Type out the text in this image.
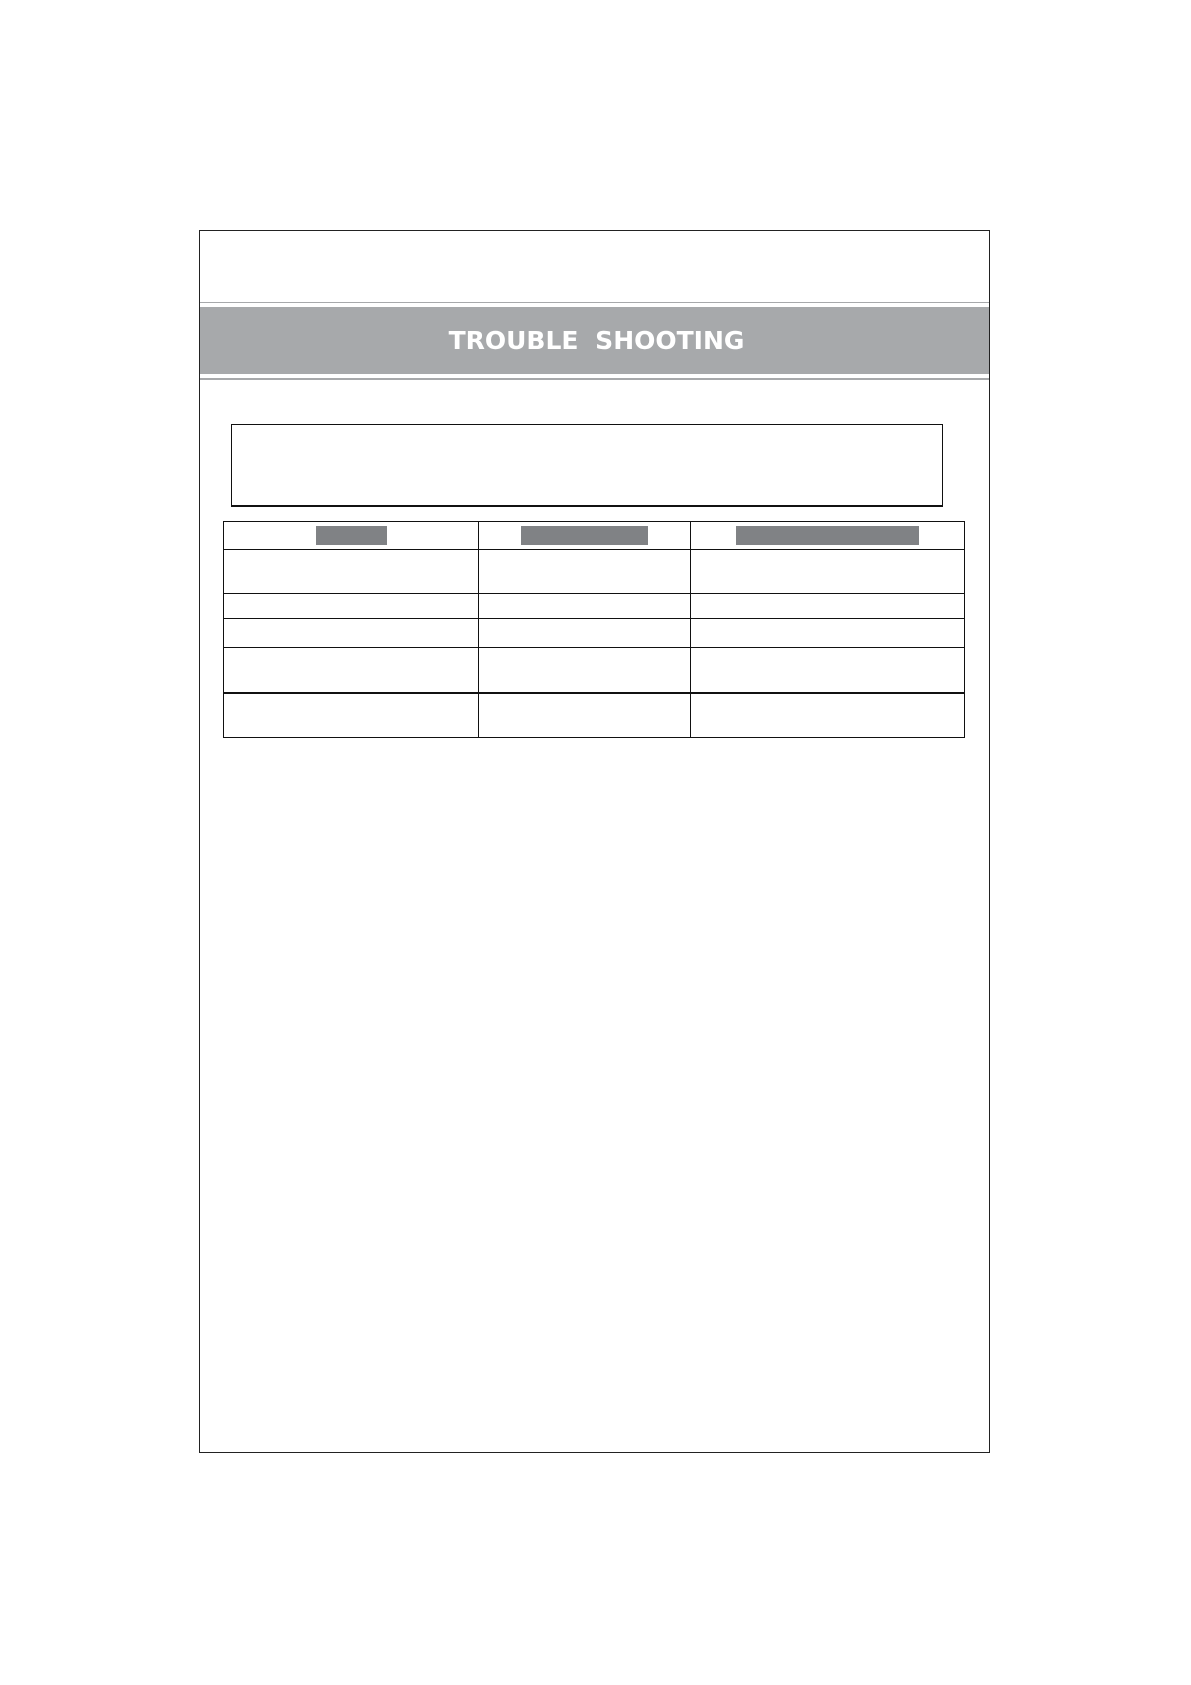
TROUBLE SHOOTING
